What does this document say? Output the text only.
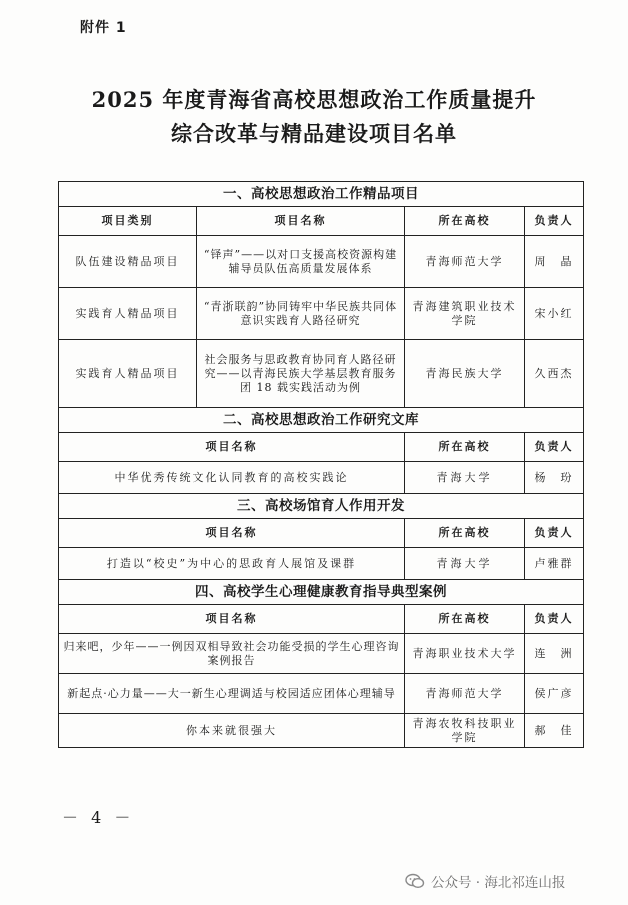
附件 1
2025 年度青海省高校思想政治工作质量提升
综合改革与精品建设项目名单
一、高校思想政治工作精品项目			
项目类别	项目名称	所在高校	负责人
队伍建设精品项目	“铎声”——以对口支援高校资源构建辅导员队伍高质量发展体系	青海师范大学	周　晶
实践育人精品项目	“青浙联韵”协同铸牢中华民族共同体意识实践育人路径研究	青海建筑职业技术学院	宋小红
实践育人精品项目	社会服务与思政教育协同育人路径研究——以青海民族大学基层教育服务团 18 载实践活动为例	青海民族大学	久西杰
二、高校思想政治工作研究文库			
项目名称		所在高校	负责人
中华优秀传统文化认同教育的高校实践论		青海大学	杨　玢
三、高校场馆育人作用开发			
项目名称		所在高校	负责人
打造以“校史”为中心的思政育人展馆及课群		青海大学	卢雅群
四、高校学生心理健康教育指导典型案例			
项目名称		所在高校	负责人
归来吧，少年——一例因双相导致社会功能受损的学生心理咨询案例报告		青海职业技术大学	连　洲
新起点·心力量——大一新生心理调适与校园适应团体心理辅导		青海师范大学	侯广彦
你本来就很强大		青海农牧科技职业学院	郝　佳
－ 4 －
公众号 · 海北祁连山报
